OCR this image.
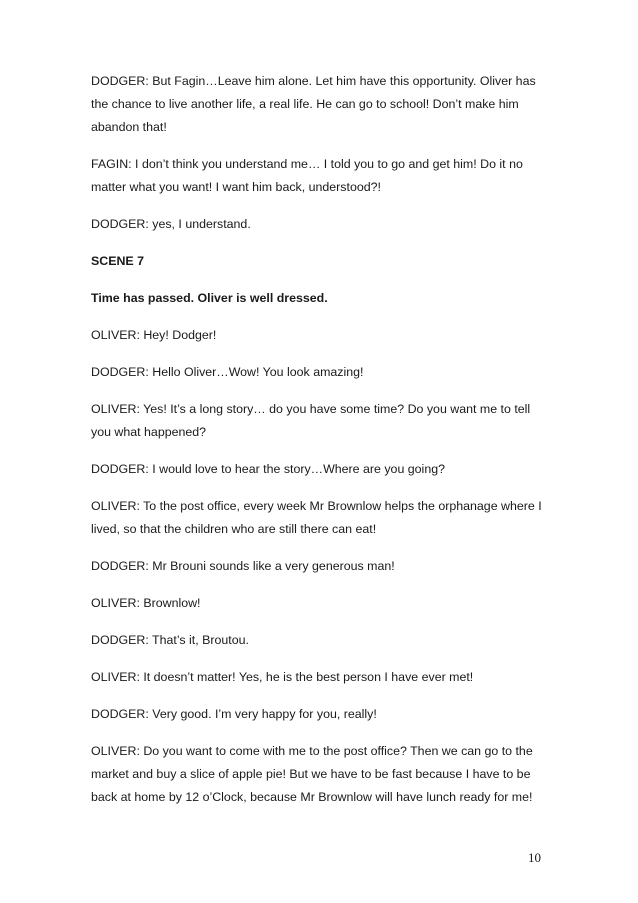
DODGER: But Fagin…Leave him alone. Let him have this opportunity. Oliver has the chance to live another life, a real life. He can go to school! Don’t make him abandon that!

FAGIN: I don’t think you understand me… I told you to go and get him! Do it no matter what you want! I want him back, understood?!

DODGER: yes, I understand.

SCENE 7

Time has passed. Oliver is well dressed.

OLIVER: Hey! Dodger!

DODGER: Hello Oliver…Wow! You look amazing!

OLIVER: Yes! It’s a long story… do you have some time? Do you want me to tell you what happened?

DODGER: I would love to hear the story…Where are you going?

OLIVER: To the post office, every week Mr Brownlow helps the orphanage where I lived, so that the children who are still there can eat!

DODGER: Mr Brouni sounds like a very generous man!

OLIVER: Brownlow!

DODGER: That’s it, Broutou.

OLIVER: It doesn’t matter! Yes, he is the best person I have ever met!

DODGER: Very good. I’m very happy for you, really!

OLIVER: Do you want to come with me to the post office? Then we can go to the market and buy a slice of apple pie! But we have to be fast because I have to be back at home by 12 o’Clock, because Mr Brownlow will have lunch ready for me!

10
